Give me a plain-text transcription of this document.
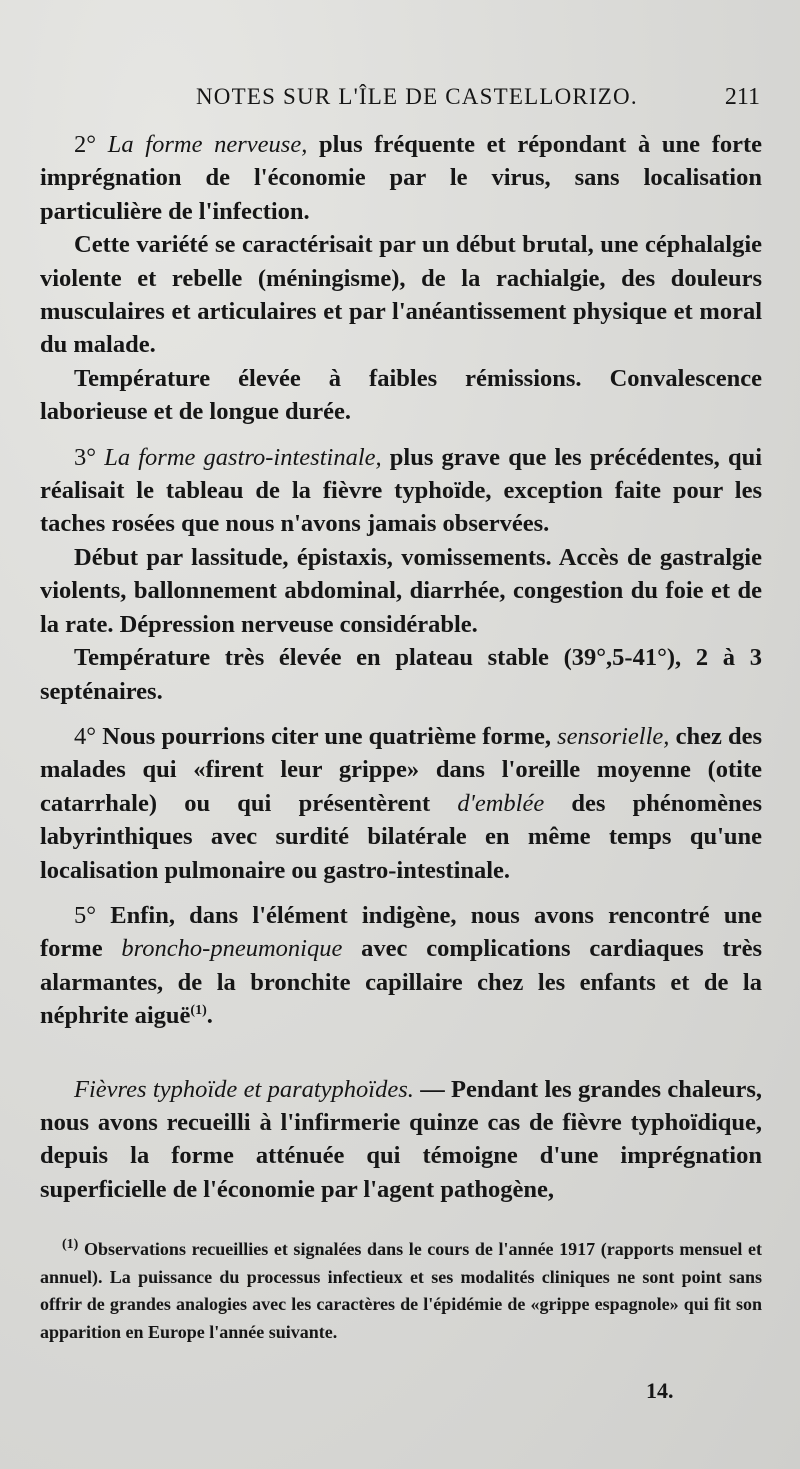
NOTES SUR L'ÎLE DE CASTELLORIZO.	211

2° La forme nerveuse, plus fréquente et répondant à une forte imprégnation de l'économie par le virus, sans localisation particulière de l'infection.

Cette variété se caractérisait par un début brutal, une céphalalgie violente et rebelle (méningisme), de la rachialgie, des douleurs musculaires et articulaires et par l'anéantissement physique et moral du malade.

Température élevée à faibles rémissions. Convalescence laborieuse et de longue durée.

3° La forme gastro-intestinale, plus grave que les précédentes, qui réalisait le tableau de la fièvre typhoïde, exception faite pour les taches rosées que nous n'avons jamais observées.

Début par lassitude, épistaxis, vomissements. Accès de gastralgie violents, ballonnement abdominal, diarrhée, congestion du foie et de la rate. Dépression nerveuse considérable.

Température très élevée en plateau stable (39°,5-41°), 2 à 3 septénaires.

4° Nous pourrions citer une quatrième forme, sensorielle, chez des malades qui «firent leur grippe» dans l'oreille moyenne (otite catarrhale) ou qui présentèrent d'emblée des phénomènes labyrinthiques avec surdité bilatérale en même temps qu'une localisation pulmonaire ou gastro-intestinale.

5° Enfin, dans l'élément indigène, nous avons rencontré une forme broncho-pneumonique avec complications cardiaques très alarmantes, de la bronchite capillaire chez les enfants et de la néphrite aiguë$^{(1)}$.

Fièvres typhoïde et paratyphoïdes. — Pendant les grandes chaleurs, nous avons recueilli à l'infirmerie quinze cas de fièvre typhoïdique, depuis la forme atténuée qui témoigne d'une imprégnation superficielle de l'économie par l'agent pathogène,

$^{(1)}$ Observations recueillies et signalées dans le cours de l'année 1917 (rapports mensuel et annuel). La puissance du processus infectieux et ses modalités cliniques ne sont point sans offrir de grandes analogies avec les caractères de l'épidémie de «grippe espagnole» qui fit son apparition en Europe l'année suivante.

14.
